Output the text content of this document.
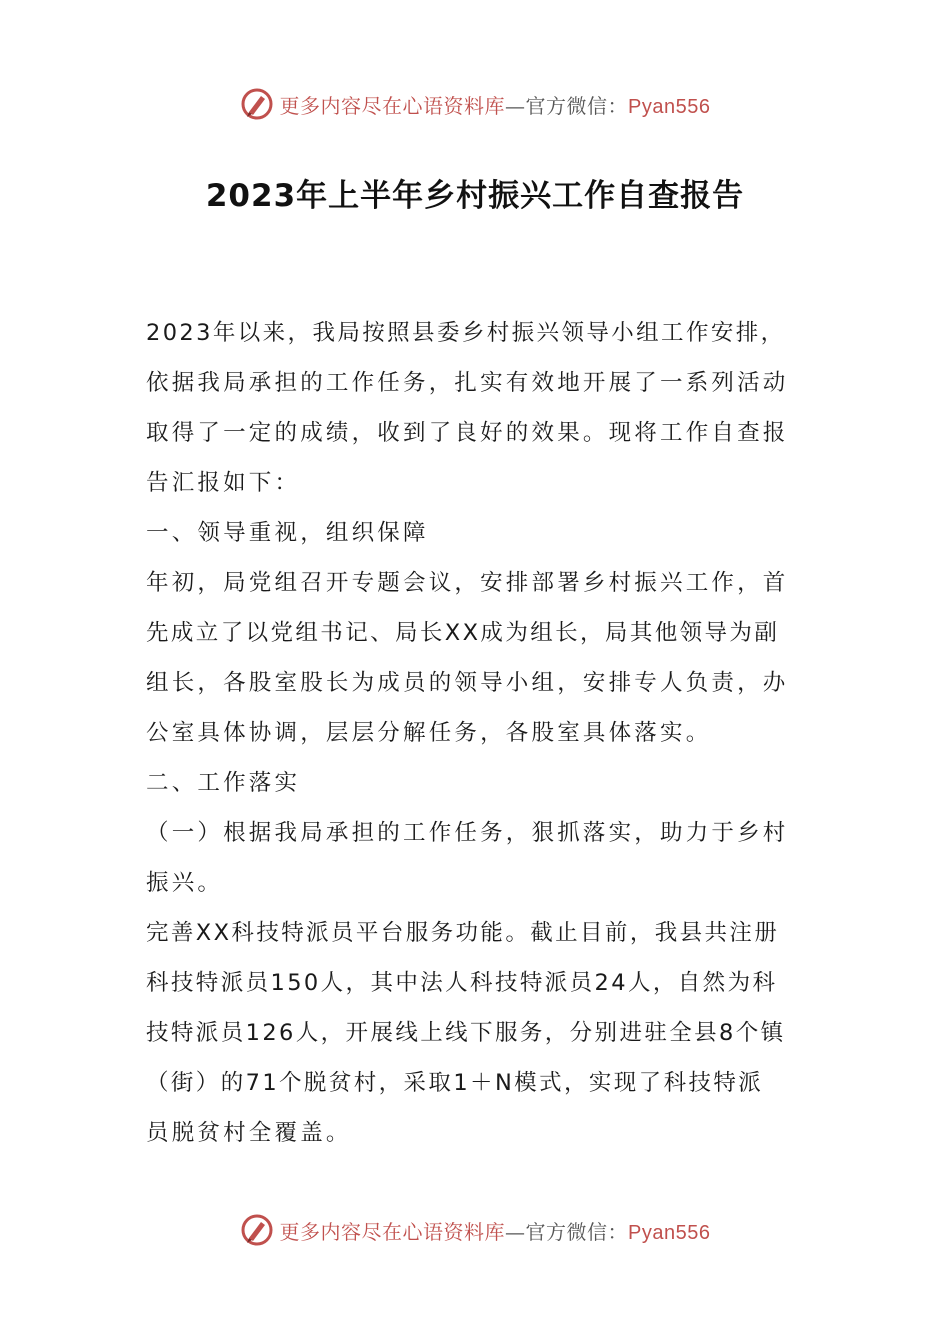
更多内容尽在心语资料库—官方微信：Pyan556
2023年上半年乡村振兴工作自查报告
2023年以来，我局按照县委乡村振兴领导小组工作安排，
依据我局承担的工作任务，扎实有效地开展了一系列活动
取得了一定的成绩，收到了良好的效果。现将工作自查报
告汇报如下：
一、领导重视，组织保障
年初，局党组召开专题会议，安排部署乡村振兴工作，首
先成立了以党组书记、局长XX成为组长，局其他领导为副
组长，各股室股长为成员的领导小组，安排专人负责，办
公室具体协调，层层分解任务，各股室具体落实。
二、工作落实
（一）根据我局承担的工作任务，狠抓落实，助力于乡村
振兴。
完善XX科技特派员平台服务功能。截止目前，我县共注册
科技特派员150人，其中法人科技特派员24人，自然为科
技特派员126人，开展线上线下服务，分别进驻全县8个镇
（街）的71个脱贫村，采取1＋N模式，实现了科技特派
员脱贫村全覆盖。
更多内容尽在心语资料库—官方微信：Pyan556
